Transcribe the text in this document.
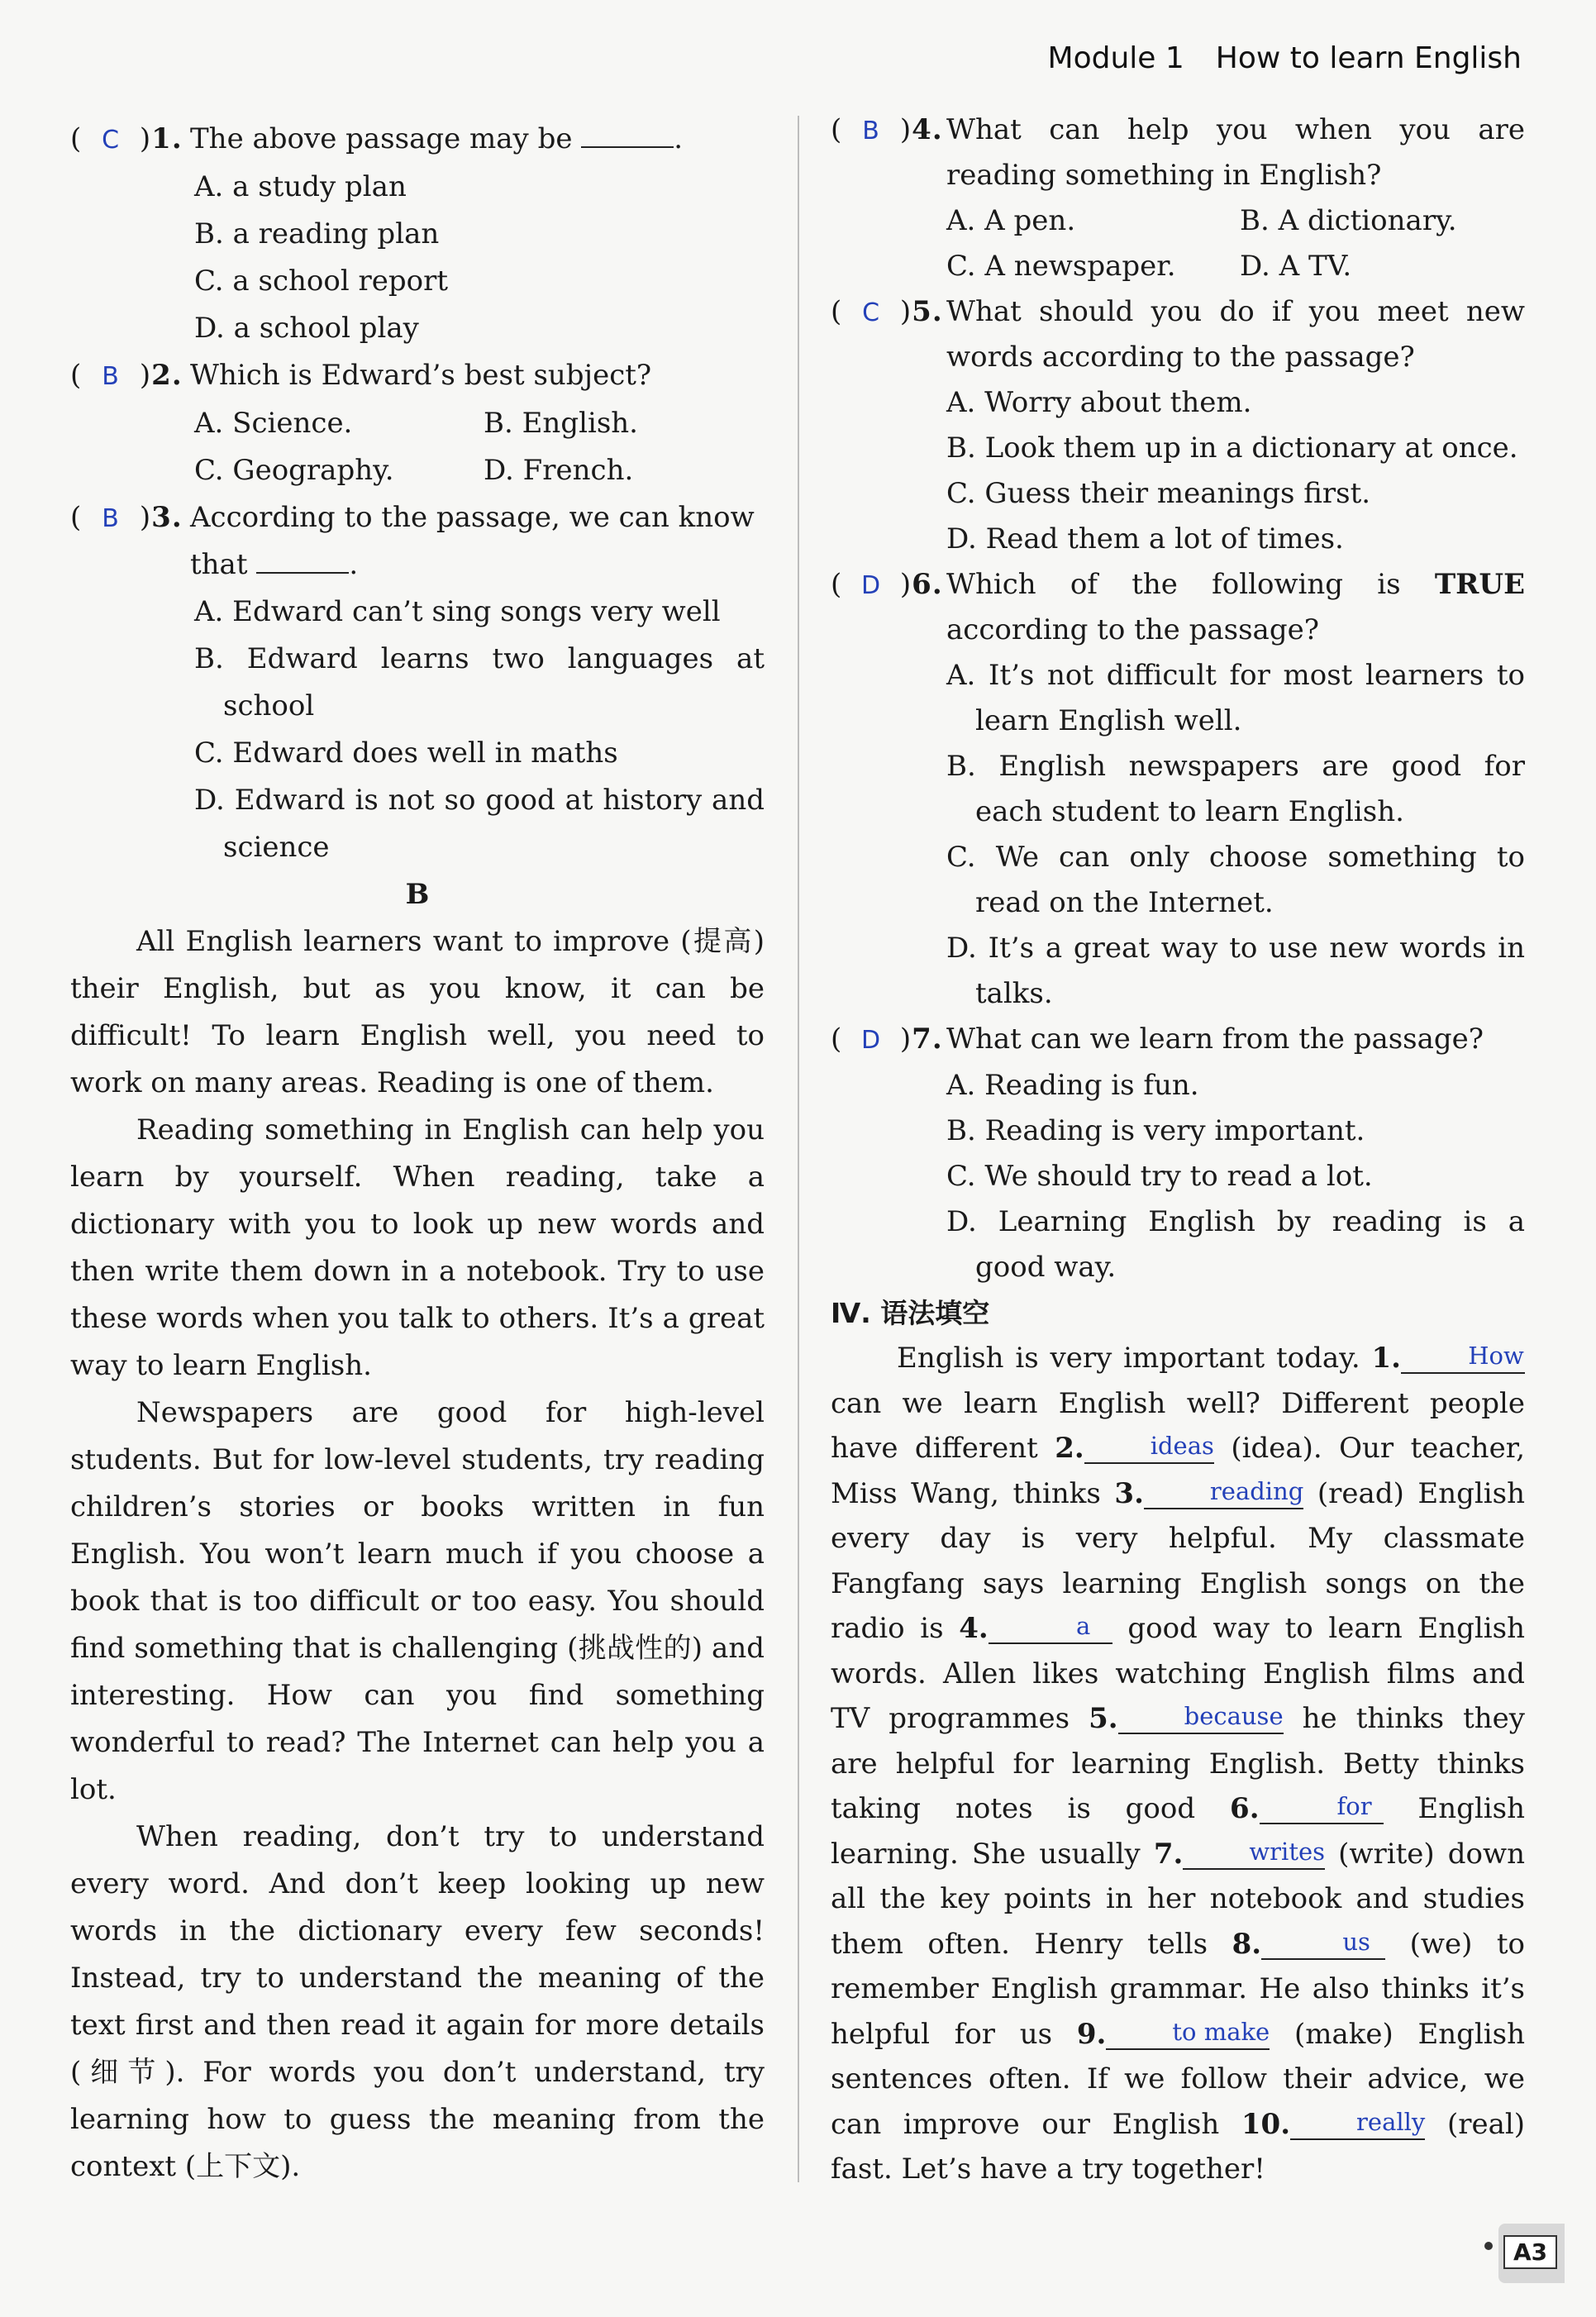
Module 1 How to learn English
( C )1. The above passage may be	.
A. a study plan
B. a reading plan
C. a school report
D. a school play
( B )2. Which is Edward’s best subject?
A. Science.	B. English.
C. Geography.	D. French.
( B )3. According to the passage, we can know
that	.
A. Edward can’t sing songs very well
B. Edward learns two languages at school
C. Edward does well in maths
D. Edward is not so good at history and science
B

All English learners want to improve (提高) their English, but as you know, it can be difficult! To learn English well, you need to work on many areas. Reading is one of them.

Reading something in English can help you learn by yourself. When reading, take a dictionary with you to look up new words and then write them down in a notebook. Try to use these words when you talk to others. It’s a great way to learn English.

Newspapers are good for high-level students. But for low-level students, try reading children’s stories or books written in fun English. You won’t learn much if you choose a book that is too difficult or too easy. You should find something that is challenging (挑战性的) and interesting. How can you find something wonderful to read? The Internet can help you a lot.

When reading, don’t try to understand every word. And don’t keep looking up new words in the dictionary every few seconds! Instead, try to understand the meaning of the text first and then read it again for more details (细节). For words you don’t understand, try learning how to guess the meaning from the context (上下文).

( B )4. What can help you when you are reading something in English?
A. A pen.	B. A dictionary.
C. A newspaper.	D. A TV.
( C )5. What should you do if you meet new words according to the passage?
A. Worry about them.
B. Look them up in a dictionary at once.
C. Guess their meanings first.
D. Read them a lot of times.
( D )6. Which of the following is TRUE according to the passage?
A. It’s not difficult for most learners to learn English well.
B. English newspapers are good for each student to learn English.
C. We can only choose something to read on the Internet.
D. It’s a great way to use new words in talks.
( D )7. What can we learn from the passage?
A. Reading is fun.
B. Reading is very important.
C. We should try to read a lot.
D. Learning English by reading is a good way.
Ⅳ. 语法填空
English is very important today. 1.	How can we learn English well? Different people have different 2.	ideas (idea). Our teacher, Miss Wang, thinks 3.	reading (read) English every day is very helpful. My classmate Fangfang says learning English songs on the radio is 4.	a good way to learn English words. Allen likes watching English films and TV programmes 5.	because he thinks they are helpful for learning English. Betty thinks taking notes is good 6.	for English learning. She usually 7.	writes (write) down all the key points in her notebook and studies them often. Henry tells 8.	us (we) to remember English grammar. He also thinks it’s helpful for us 9.	to make (make) English sentences often. If we follow their advice, we can improve our English 10.	really (real) fast. Let’s have a try together!
A3
